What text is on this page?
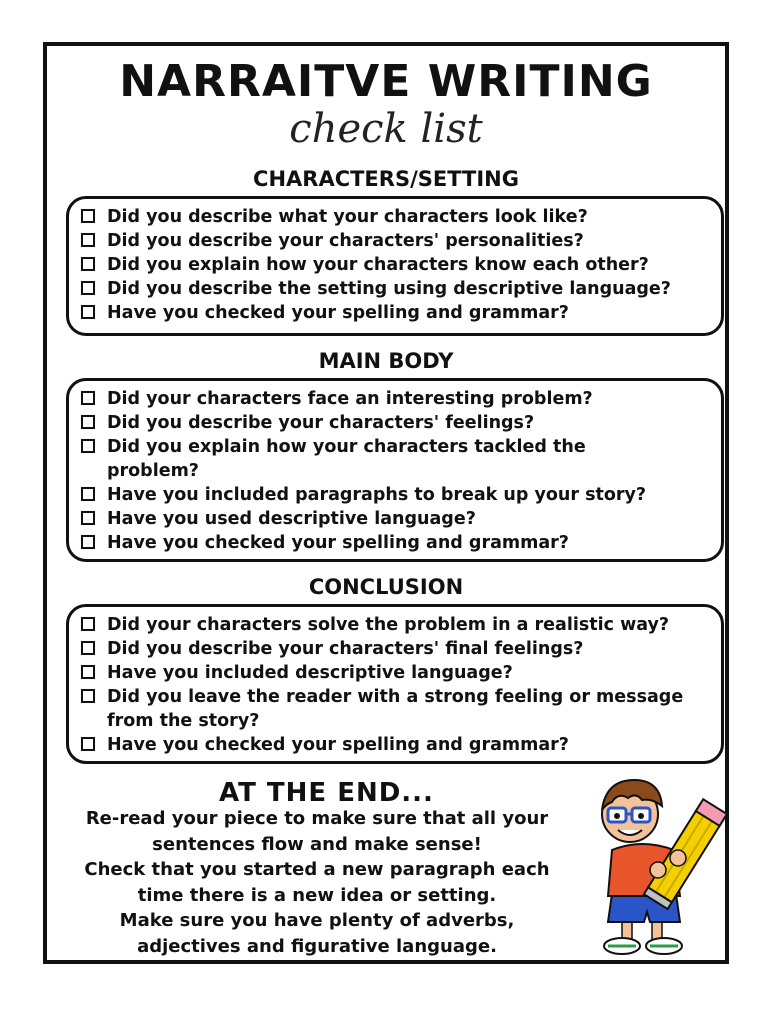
NARRAITVE WRITING
check list
CHARACTERS/SETTING
Did you describe what your characters look like?
Did you describe your characters' personalities?
Did you explain how your characters know each other?
Did you describe the setting using descriptive language?
Have you checked your spelling and grammar?
MAIN BODY
Did your characters face an interesting problem?
Did you describe your characters' feelings?
Did you explain how your characters tackled the problem?
Have you included paragraphs to break up your story?
Have you used descriptive language?
Have you checked your spelling and grammar?
CONCLUSION
Did your characters solve the problem in a realistic way?
Did you describe your characters' final feelings?
Have you included descriptive language?
Did you leave the reader with a strong feeling or message from the story?
Have you checked your spelling and grammar?
AT THE END...

Re-read your piece to make sure that all your sentences flow and make sense!

Check that you started a new paragraph each time there is a new idea or setting.

Make sure you have plenty of adverbs, adjectives and figurative language.
